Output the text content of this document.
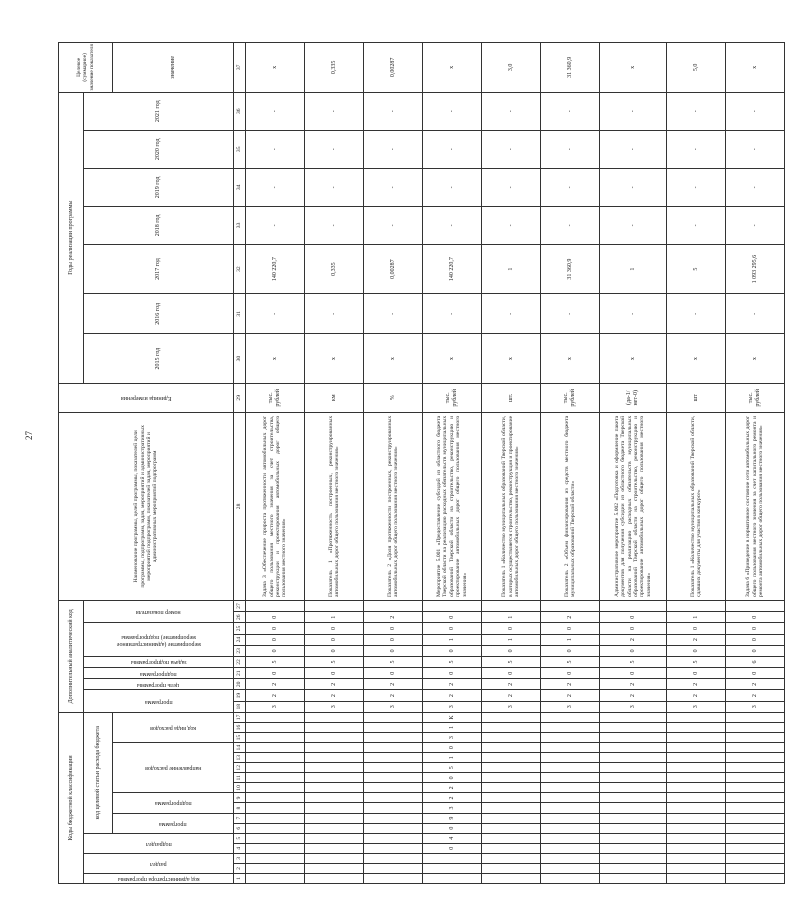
27
Коды бюджетной классификации																	Дополнительный аналитический код										Наименование программы, целей программы, показателей цели программы, подпрограмм, задач, мероприятий и административных мероприятий подпрограмм, показателей задач, мероприятий и административных мероприятий подпрограмм	Единица измерения	Годы реализации программы							Целевое (суммарное) значение показателя

код администратора программы	раздел		подраздел		код целевой статьи расхода бюджета												программа		цель программы	подпрограмма	задача подпрограммы	мероприятие (административное мероприятие) подпрограммы			номер показателя				2015 год	2016 год	2017 год	2018 год	2019 год	2020 год	2021 год	

					программа		подпрограмма		направление расходов					код вида расходов																						значение
1	2	3	4	5	6	7	8	9	10	11	12	13	14	15	16	17	18	19	20	21	22	23	24	25	26	27	28	29	30	31	32	33	34	35	36	37
																	3	2	2	0	5	0	0	0	0		Задача 3 «Обеспечение прироста протяженности автомобильных дорог общего пользования местного значения за счет строительства, реконструкции и проектирования автомобильных дорог общего пользования местного значения»	тыс. рублей	х	-	140 220,7	-	-	-	-	х
																	3	2	2	0	5	0	0	0	1		Показатель 1 «Протяженность построенных, реконструированных автомобильных дорог общего пользования местного значения»	км	х	-	0,335	-	-	-	-	0,335
																	3	2	2	0	5	0	0	0	2		Показатель 2 «Доля протяженности построенных, реконструированных автомобильных дорог общего пользования местного значения»	%	х	-	0,00287	-	-	-	-	0,00287
			0	4	0	9	3	2	2	0	5	1	0	3	1	К	3	2	2	0	5	0	1	0	0		Мероприятие 5.001 «Предоставление субсидий из областного бюджета Тверской области на реализацию расходных обязательств муниципальных образований Тверской области на строительство, реконструкцию и проектирование автомобильных дорог общего пользования местного значения»	тыс. рублей	х	-	140 220,7	-	-	-	-	х
																	3	2	2	0	5	0	1	0	1		Показатель 1 «Количество муниципальных образований Тверской области, в которых осуществляется строительство, реконструкция и проектирование автомобильных дорог общего пользования местного значения»	шт.	х	-	1	-	-	-	-	3,0
																	3	2	2	0	5	0	1	0	2		Показатель 2 «Объем финансирования из средств местного бюджета муниципальных образований Тверской области»	тыс. рублей	х	-	31 360,9	-	-	-	-	31 360,9
																	3	2	2	0	5	0	2	0	0		Административное мероприятие 5.002 «Подготовка и оформление пакета документов для получения субсидии из областного бюджета Тверской области на реализацию расходных обязательств муниципальных образований Тверской области на строительство, реконструкцию и проектирование автомобильных дорог общего пользования местного значения»	(да-1/ нет-0)	х	-	1	-	-	-	-	х
																	3	2	2	0	5	0	2	0	1		Показатель 1 «Количество муниципальных образований Тверской области, сдавших документы для участия в конкурсе»	шт	х	-	5	-	-	-	-	5,0
																	3	2	2	0	6	0	0	0	0		Задача 6 «Приведение в нормативное состояние сети автомобильных дорог общего пользования местного значения за счет капитального ремонта и ремонта автомобильных дорог общего пользования местного значения»	тыс. рублей	х	-	1 093 295,6	-	-	-	-	х
